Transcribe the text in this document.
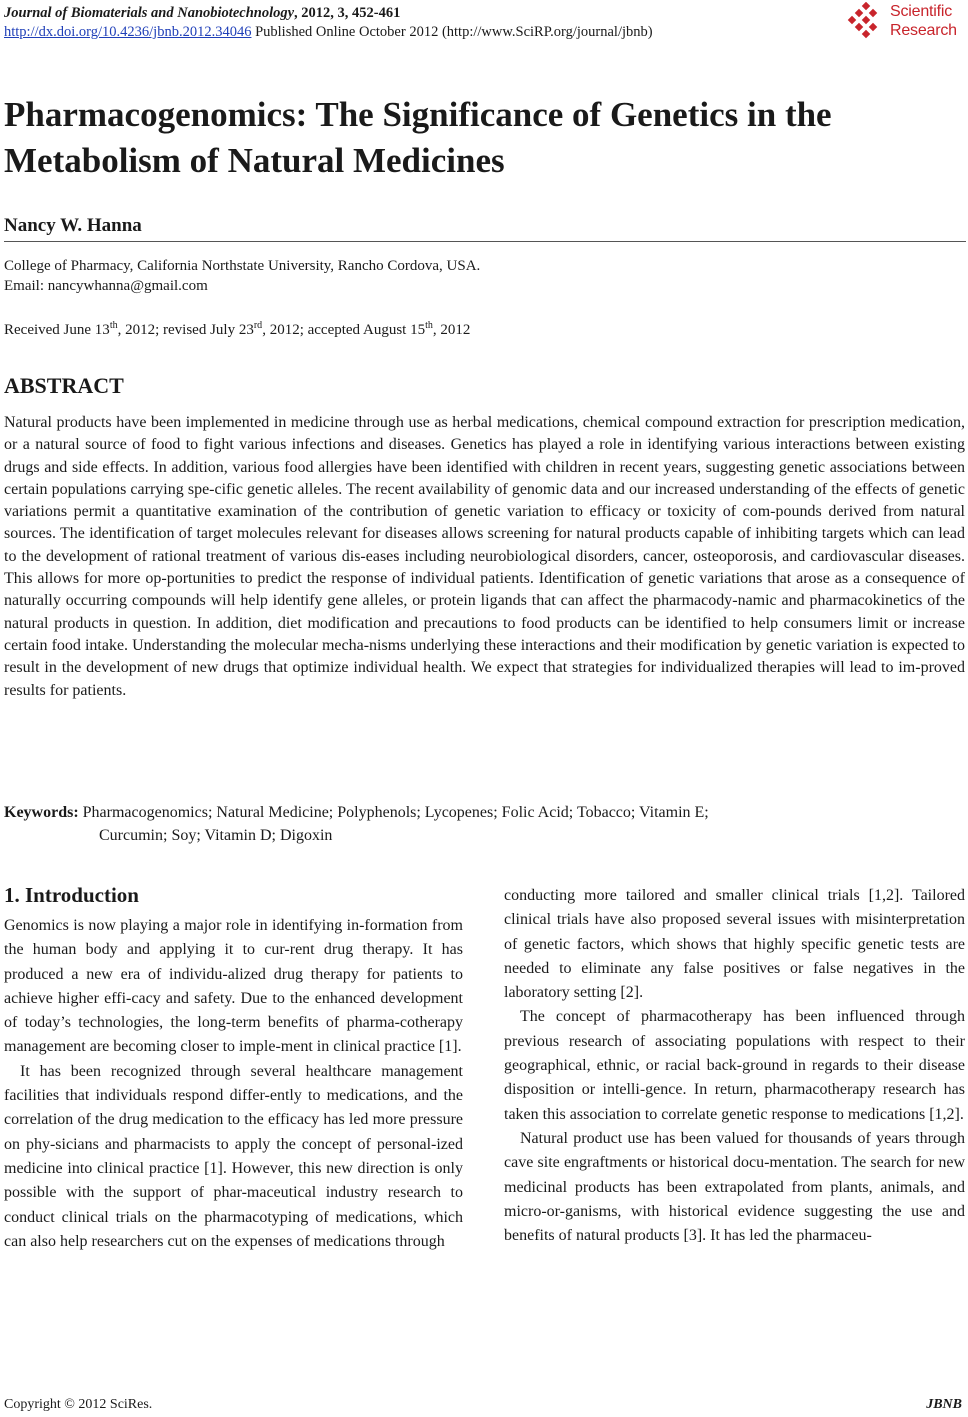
Journal of Biomaterials and Nanobiotechnology, 2012, 3, 452-461
http://dx.doi.org/10.4236/jbnb.2012.34046 Published Online October 2012 (http://www.SciRP.org/journal/jbnb)
Scientific
Research
Pharmacogenomics: The Significance of Genetics in the Metabolism of Natural Medicines
Nancy W. Hanna
College of Pharmacy, California Northstate University, Rancho Cordova, USA.
Email: nancywhanna@gmail.com
Received June 13th, 2012; revised July 23rd, 2012; accepted August 15th, 2012
ABSTRACT

Natural products have been implemented in medicine through use as herbal medications, chemical compound extraction for prescription medication, or a natural source of food to fight various infections and diseases. Genetics has played a role in identifying various interactions between existing drugs and side effects. In addition, various food allergies have been identified with children in recent years, suggesting genetic associations between certain populations carrying spe-cific genetic alleles. The recent availability of genomic data and our increased understanding of the effects of genetic variations permit a quantitative examination of the contribution of genetic variation to efficacy or toxicity of com-pounds derived from natural sources. The identification of target molecules relevant for diseases allows screening for natural products capable of inhibiting targets which can lead to the development of rational treatment of various dis-eases including neurobiological disorders, cancer, osteoporosis, and cardiovascular diseases. This allows for more op-portunities to predict the response of individual patients. Identification of genetic variations that arose as a consequence of naturally occurring compounds will help identify gene alleles, or protein ligands that can affect the pharmacody-namic and pharmacokinetics of the natural products in question. In addition, diet modification and precautions to food products can be identified to help consumers limit or increase certain food intake. Understanding the molecular mecha-nisms underlying these interactions and their modification by genetic variation is expected to result in the development of new drugs that optimize individual health. We expect that strategies for individualized therapies will lead to im-proved results for patients.

Keywords: Pharmacogenomics; Natural Medicine; Polyphenols; Lycopenes; Folic Acid; Tobacco; Vitamin E;
Curcumin; Soy; Vitamin D; Digoxin
1. Introduction

Genomics is now playing a major role in identifying in-formation from the human body and applying it to cur-rent drug therapy. It has produced a new era of individu-alized drug therapy for patients to achieve higher effi-cacy and safety. Due to the enhanced development of today’s technologies, the long-term benefits of pharma-cotherapy management are becoming closer to imple-ment in clinical practice [1].

It has been recognized through several healthcare management facilities that individuals respond differ-ently to medications, and the correlation of the drug medication to the efficacy has led more pressure on phy-sicians and pharmacists to apply the concept of personal-ized medicine into clinical practice [1]. However, this new direction is only possible with the support of phar-maceutical industry research to conduct clinical trials on the pharmacotyping of medications, which can also help researchers cut on the expenses of medications through

conducting more tailored and smaller clinical trials [1,2]. Tailored clinical trials have also proposed several issues with misinterpretation of genetic factors, which shows that highly specific genetic tests are needed to eliminate any false positives or false negatives in the laboratory setting [2].

The concept of pharmacotherapy has been influenced through previous research of associating populations with respect to their geographical, ethnic, or racial back-ground in regards to their disease disposition or intelli-gence. In return, pharmacotherapy research has taken this association to correlate genetic response to medications [1,2].

Natural product use has been valued for thousands of years through cave site engraftments or historical docu-mentation. The search for new medicinal products has been extrapolated from plants, animals, and micro-or-ganisms, with historical evidence suggesting the use and benefits of natural products [3]. It has led the pharmaceu-

Copyright © 2012 SciRes.	JBNB
